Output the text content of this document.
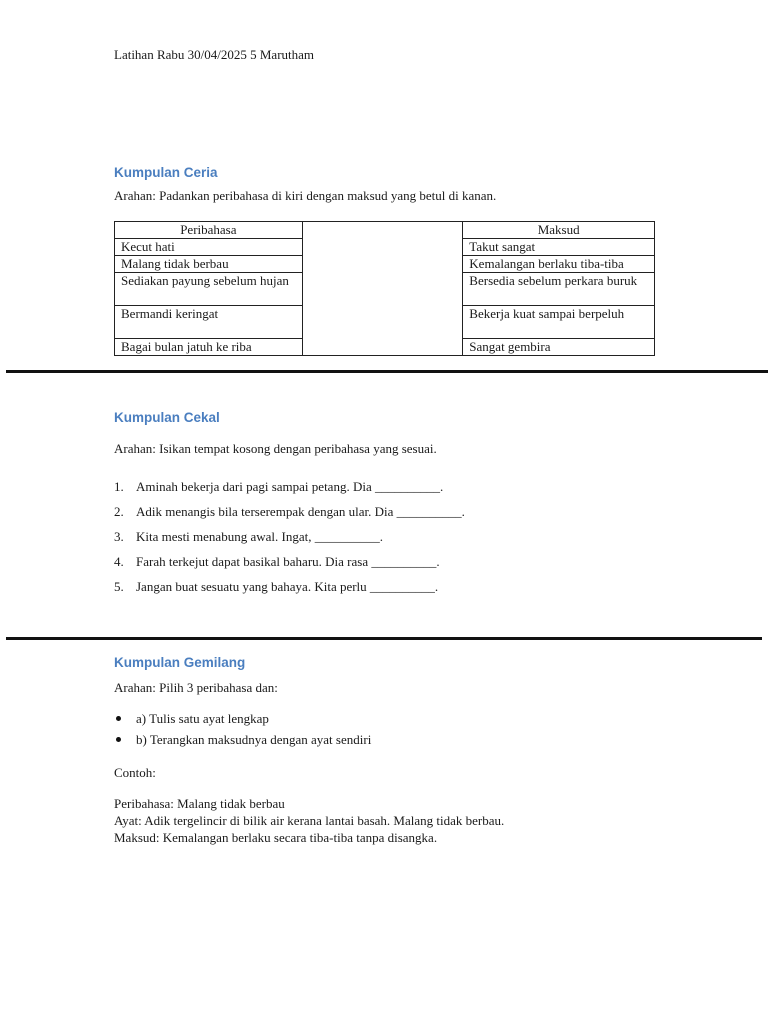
Latihan Rabu 30/04/2025 5 Marutham
Kumpulan Ceria
Arahan: Padankan peribahasa di kiri dengan maksud yang betul di kanan.
Peribahasa		Maksud
Kecut hati		Takut sangat
Malang tidak berbau		Kemalangan berlaku tiba-tiba
Sediakan payung sebelum hujan		Bersedia sebelum perkara buruk
Bermandi keringat		Bekerja kuat sampai berpeluh
Bagai bulan jatuh ke riba		Sangat gembira
Kumpulan Cekal
Arahan: Isikan tempat kosong dengan peribahasa yang sesuai.
1. Aminah bekerja dari pagi sampai petang. Dia __________.
2. Adik menangis bila terserempak dengan ular. Dia __________.
3. Kita mesti menabung awal. Ingat, __________.
4. Farah terkejut dapat basikal baharu. Dia rasa __________.
5. Jangan buat sesuatu yang bahaya. Kita perlu __________.
Kumpulan Gemilang
Arahan: Pilih 3 peribahasa dan:
a) Tulis satu ayat lengkap
b) Terangkan maksudnya dengan ayat sendiri
Contoh:
Peribahasa: Malang tidak berbau
Ayat: Adik tergelincir di bilik air kerana lantai basah. Malang tidak berbau.
Maksud: Kemalangan berlaku secara tiba-tiba tanpa disangka.
